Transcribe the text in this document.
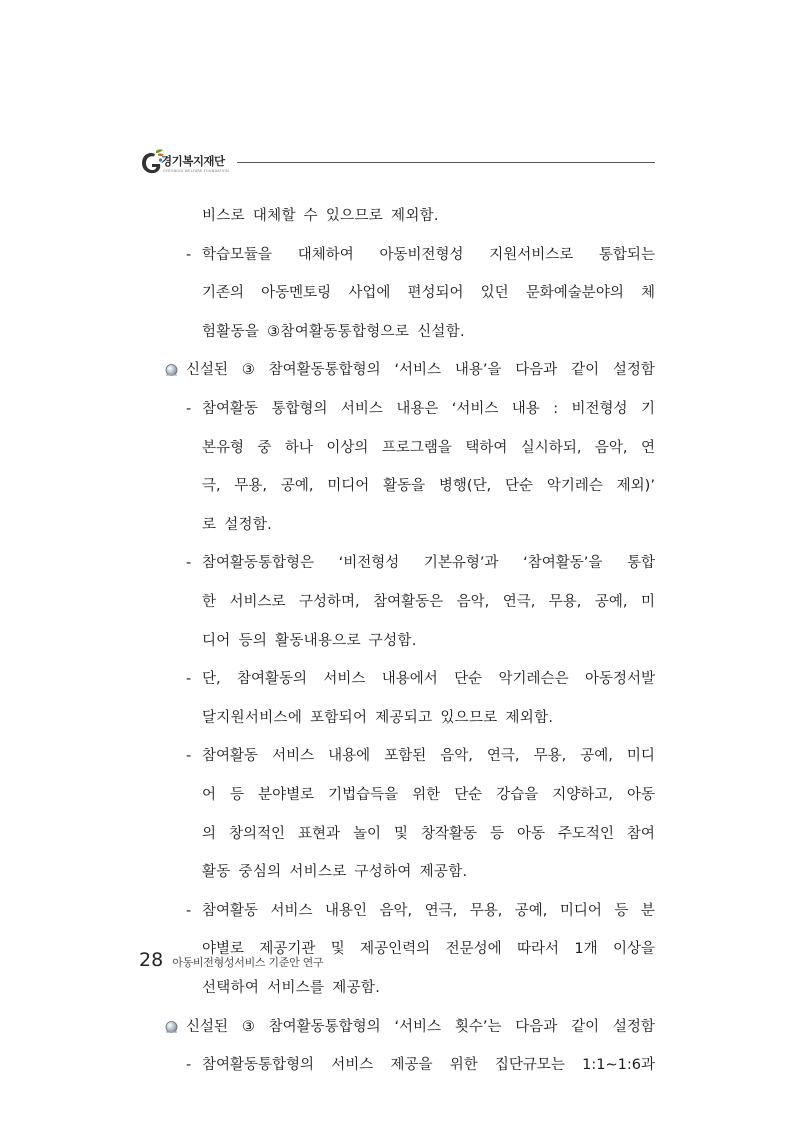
경기복지재단
GYEONGGI WELFARE FOUNDATION
비스로 대체할 수 있으므로 제외함.
- 학습모듈을 대체하여 아동비전형성 지원서비스로 통합되는
기존의 아동멘토링 사업에 편성되어 있던 문화예술분야의 체
험활동을 ③참여활동통합형으로 신설함.
신설된 ③ 참여활동통합형의 ‘서비스 내용’을 다음과 같이 설정함
- 참여활동 통합형의 서비스 내용은 ‘서비스 내용 : 비전형성 기
본유형 중 하나 이상의 프로그램을 택하여 실시하되, 음악, 연
극, 무용, 공예, 미디어 활동을 병행(단, 단순 악기레슨 제외)’
로 설정함.
- 참여활동통합형은 ‘비전형성 기본유형’과 ‘참여활동’을 통합
한 서비스로 구성하며, 참여활동은 음악, 연극, 무용, 공예, 미
디어 등의 활동내용으로 구성함.
- 단, 참여활동의 서비스 내용에서 단순 악기레슨은 아동정서발
달지원서비스에 포함되어 제공되고 있으므로 제외함.
- 참여활동 서비스 내용에 포함된 음악, 연극, 무용, 공예, 미디
어 등 분야별로 기법습득을 위한 단순 강습을 지양하고, 아동
의 창의적인 표현과 놀이 및 창작활동 등 아동 주도적인 참여
활동 중심의 서비스로 구성하여 제공함.
- 참여활동 서비스 내용인 음악, 연극, 무용, 공예, 미디어 등 분
야별로 제공기관 및 제공인력의 전문성에 따라서 1개 이상을
선택하여 서비스를 제공함.
신설된 ③ 참여활동통합형의 ‘서비스 횟수’는 다음과 같이 설정함
- 참여활동통합형의 서비스 제공을 위한 집단규모는 1:1∼1:6과
28 아동비전형성서비스 기준안 연구
